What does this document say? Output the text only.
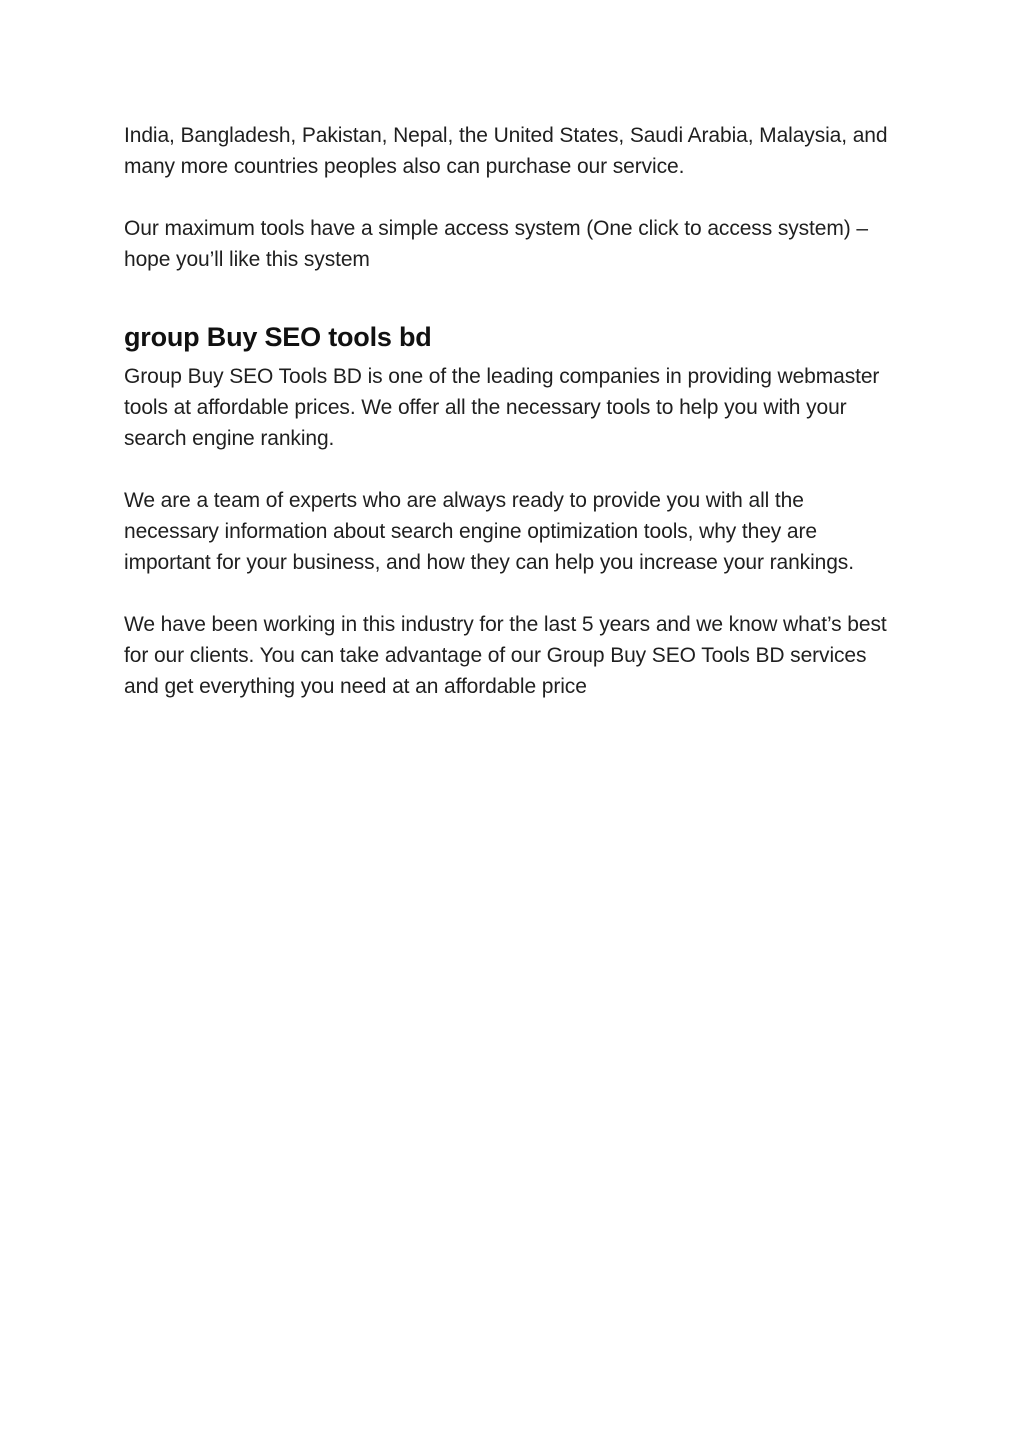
India, Bangladesh, Pakistan, Nepal, the United States, Saudi Arabia, Malaysia, and many more countries peoples also can purchase our service.

Our maximum tools have a simple access system (One click to access system) – hope you’ll like this system

group Buy SEO tools bd

Group Buy SEO Tools BD is one of the leading companies in providing webmaster tools at affordable prices. We offer all the necessary tools to help you with your search engine ranking.

We are a team of experts who are always ready to provide you with all the necessary information about search engine optimization tools, why they are important for your business, and how they can help you increase your rankings.

We have been working in this industry for the last 5 years and we know what’s best for our clients. You can take advantage of our Group Buy SEO Tools BD services and get everything you need at an affordable price
